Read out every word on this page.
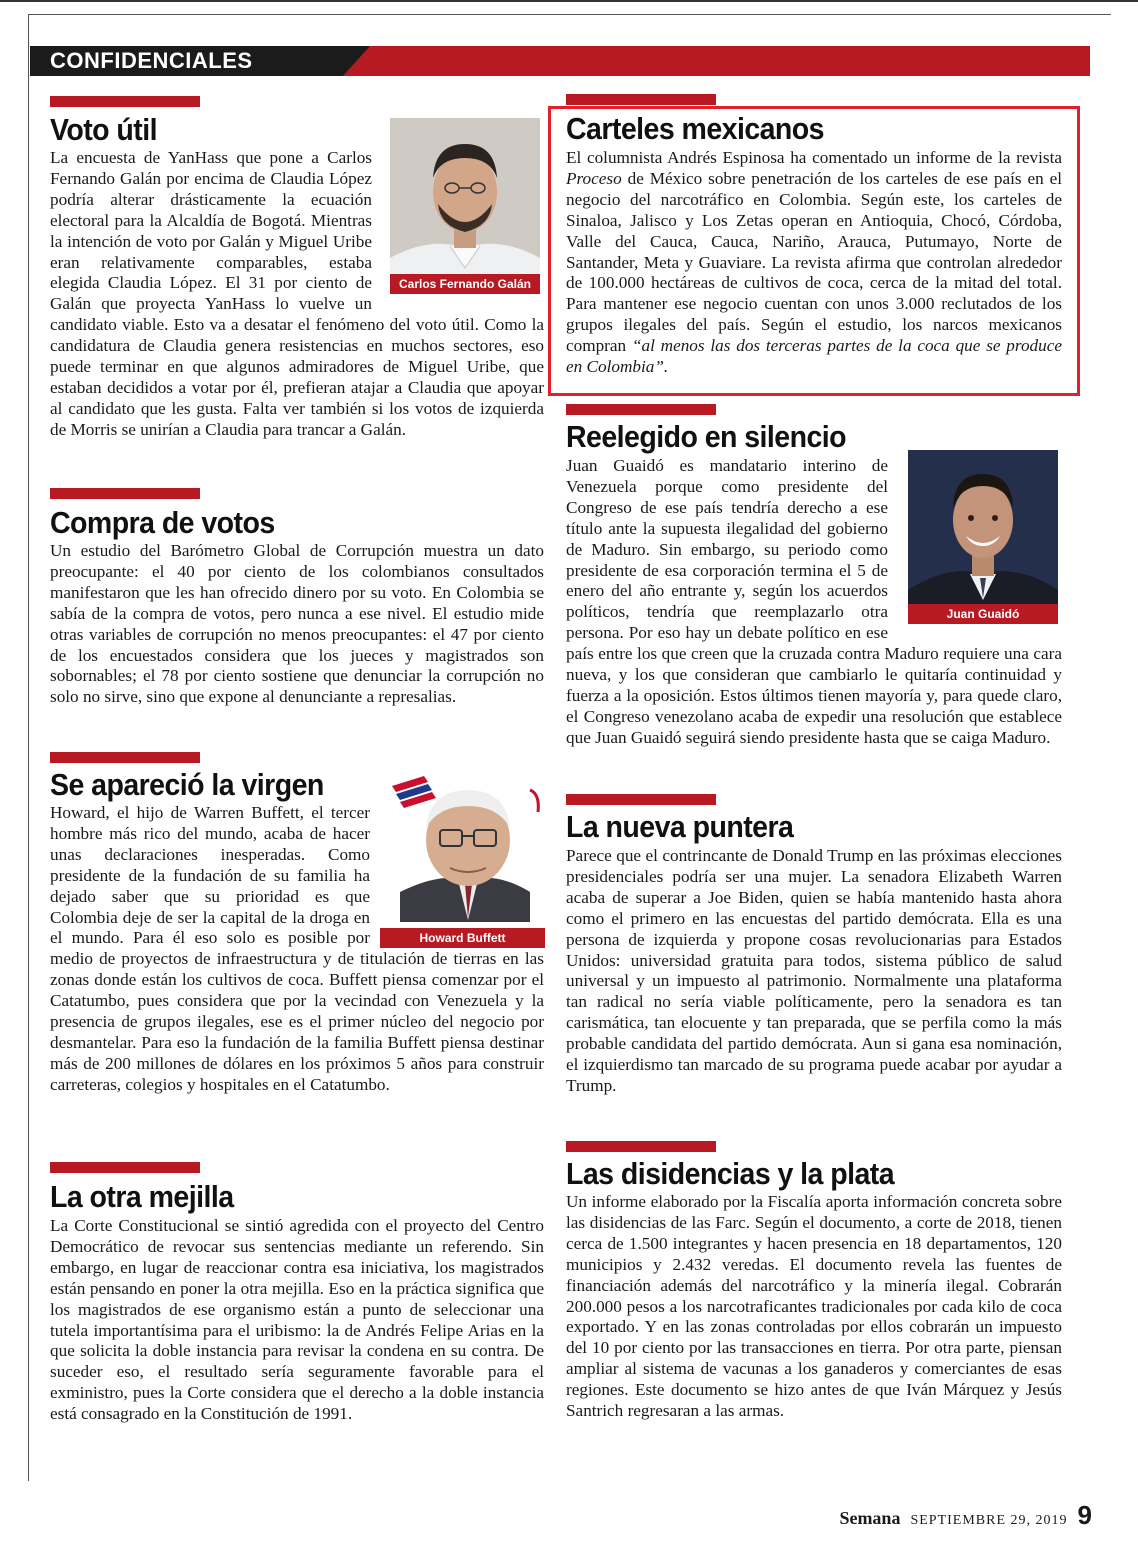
CONFIDENCIALES
Voto útil
Carlos Fernando Galán

La encuesta de YanHass que pone a Carlos Fernando Galán por encima de Claudia López podría alterar drásticamente la ecuación electoral para la Alcaldía de Bogotá. Mientras la intención de voto por Galán y Miguel Uribe eran relativamente comparables, estaba elegida Claudia López. El 31 por ciento de Galán que proyecta YanHass lo vuelve un
candidato viable. Esto va a desatar el fenómeno del voto útil. Como la candidatura de Claudia genera resistencias en muchos sectores, eso puede terminar en que algunos admiradores de Miguel Uribe, que estaban decididos a votar por él, prefieran atajar a Claudia que apoyar al candidato que les gusta. Falta ver también si los votos de izquierda de Morris se unirían a Claudia para trancar a Galán.

Compra de votos

Un estudio del Barómetro Global de Corrupción muestra un dato preocupante: el 40 por ciento de los colombianos consultados manifestaron que les han ofrecido dinero por su voto. En Colombia se sabía de la compra de votos, pero nunca a ese nivel. El estudio mide otras variables de corrupción no menos preocupantes: el 47 por ciento de los encuestados considera que los jueces y magistrados son sobornables; el 78 por ciento sostiene que denunciar la corrupción no solo no sirve, sino que expone al denunciante a represalias.

Se apareció la virgen
Howard Buffett

Howard, el hijo de Warren Buffett, el tercer hombre más rico del mundo, acaba de hacer unas declaraciones inesperadas. Como presidente de la fundación de su familia ha dejado saber que su prioridad es que Colombia deje de ser la capital de la droga en el mundo. Para él eso solo es posible por
medio de proyectos de infraestructura y de titulación de tierras en las zonas donde están los cultivos de coca. Buffett piensa comenzar por el Catatumbo, pues considera que por la vecindad con Venezuela y la presencia de grupos ilegales, ese es el primer núcleo del negocio por desmantelar. Para eso la fundación de la familia Buffett piensa destinar más de 200 millones de dólares en los próximos 5 años para construir carreteras, colegios y hospitales en el Catatumbo.

La otra mejilla

La Corte Constitucional se sintió agredida con el proyecto del Centro Democrático de revocar sus sentencias mediante un referendo. Sin embargo, en lugar de reaccionar contra esa iniciativa, los magistrados están pensando en poner la otra mejilla. Eso en la práctica significa que los magistrados de ese organismo están a punto de seleccionar una tutela importantísima para el uribismo: la de Andrés Felipe Arias en la que solicita la doble instancia para revisar la condena en su contra. De suceder eso, el resultado sería seguramente favorable para el exministro, pues la Corte considera que el derecho a la doble instancia está consagrado en la Constitución de 1991.

Carteles mexicanos

El columnista Andrés Espinosa ha comentado un informe de la revista Proceso de México sobre penetración de los carteles de ese país en el negocio del narcotráfico en Colombia. Según este, los carteles de Sinaloa, Jalisco y Los Zetas operan en Antioquia, Chocó, Córdoba, Valle del Cauca, Cauca, Nariño, Arauca, Putumayo, Norte de Santander, Meta y Guaviare. La revista afirma que controlan alrededor de 100.000 hectáreas de cultivos de coca, cerca de la mitad del total. Para mantener ese negocio cuentan con unos 3.000 reclutados de los grupos ilegales del país. Según el estudio, los narcos mexicanos compran “al menos las dos terceras partes de la coca que se produce en Colombia”.

Reelegido en silencio
Juan Guaidó

Juan Guaidó es mandatario interino de Venezuela porque como presidente del Congreso de ese país tendría derecho a ese título ante la supuesta ilegalidad del gobierno de Maduro. Sin embargo, su periodo como presidente de esa corporación termina el 5 de enero del año entrante y, según los acuerdos políticos, tendría que reemplazarlo otra persona. Por eso hay un debate político en ese
país entre los que creen que la cruzada contra Maduro requiere una cara nueva, y los que consideran que cambiarlo le quitaría continuidad y fuerza a la oposición. Estos últimos tienen mayoría y, para quede claro, el Congreso venezolano acaba de expedir una resolución que establece que Juan Guaidó seguirá siendo presidente hasta que se caiga Maduro.

La nueva puntera

Parece que el contrincante de Donald Trump en las próximas elecciones presidenciales podría ser una mujer. La senadora Elizabeth Warren acaba de superar a Joe Biden, quien se había mantenido hasta ahora como el primero en las encuestas del partido demócrata. Ella es una persona de izquierda y propone cosas revolucionarias para Estados Unidos: universidad gratuita para todos, sistema público de salud universal y un impuesto al patrimonio. Normalmente una plataforma tan radical no sería viable políticamente, pero la senadora es tan carismática, tan elocuente y tan preparada, que se perfila como la más probable candidata del partido demócrata. Aun si gana esa nominación, el izquierdismo tan marcado de su programa puede acabar por ayudar a Trump.

Las disidencias y la plata

Un informe elaborado por la Fiscalía aporta información concreta sobre las disidencias de las Farc. Según el documento, a corte de 2018, tienen cerca de 1.500 integrantes y hacen presencia en 18 departamentos, 120 municipios y 2.432 veredas. El documento revela las fuentes de financiación además del narcotráfico y la minería ilegal. Cobrarán 200.000 pesos a los narcotraficantes tradicionales por cada kilo de coca exportado. Y en las zonas controladas por ellos cobrarán un impuesto del 10 por ciento por las transacciones en tierra. Por otra parte, piensan ampliar al sistema de vacunas a los ganaderos y comerciantes de esas regiones. Este documento se hizo antes de que Iván Márquez y Jesús Santrich regresaran a las armas.

Semana SEPTIEMBRE 29, 2019 9
